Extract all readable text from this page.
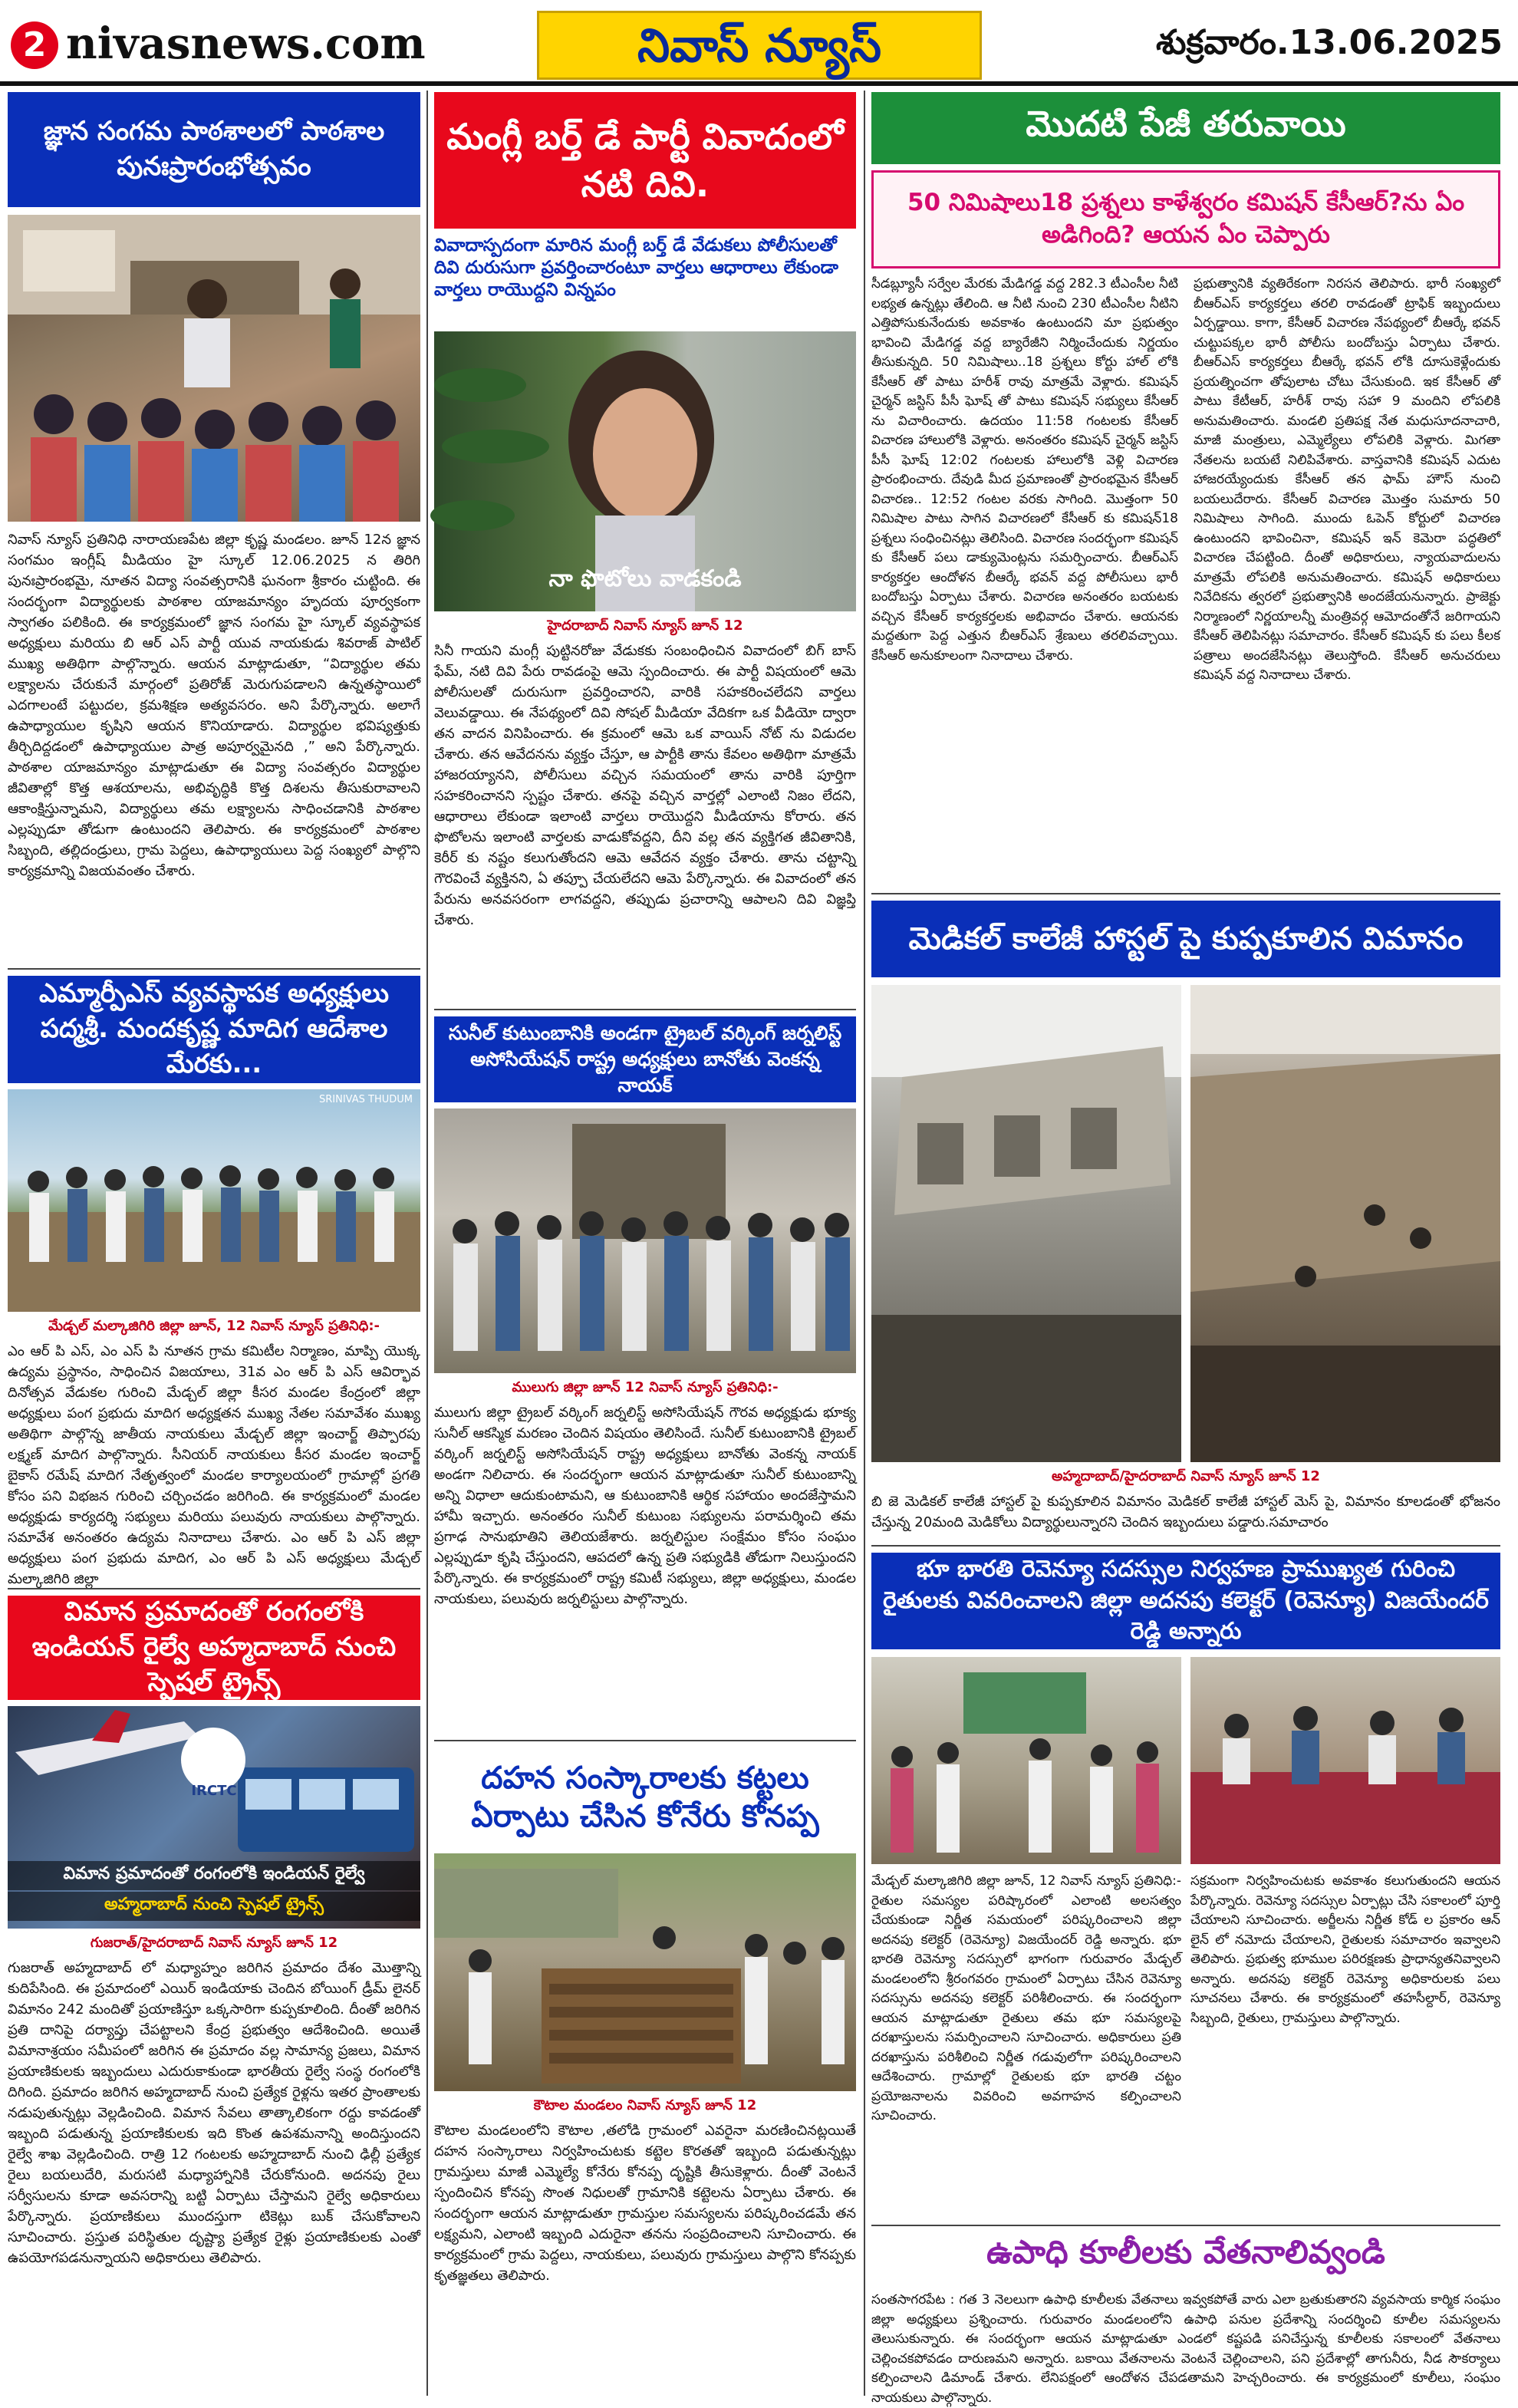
2 nivasnews.com	నివాస్ న్యూస్	శుక్రవారం.13.06.2025
జ్ఞాన సంగమ పాఠశాలలో పాఠశాల పునఃప్రారంభోత్సవం
నివాస్ న్యూస్ ప్రతినిధి నారాయణపేట జిల్లా కృష్ణ మండలం. జూన్ 12న జ్ఞాన సంగమం ఇంగ్లీష్ మీడియం హై స్కూల్ 12.06.2025 న తిరిగి పునఃప్రారంభమై, నూతన విద్యా సంవత్సరానికి ఘనంగా శ్రీకారం చుట్టింది. ఈ సందర్భంగా విద్యార్థులకు పాఠశాల యాజమాన్యం హృదయ పూర్వకంగా స్వాగతం పలికింది. ఈ కార్యక్రమంలో జ్ఞాన సంగమ హై స్కూల్ వ్యవస్థాపక అధ్యక్షులు మరియు బి ఆర్ ఎస్ పార్టీ యువ నాయకుడు శివరాజ్ పాటిల్ ముఖ్య అతిథిగా పాల్గొన్నారు. ఆయన మాట్లాడుతూ, “విద్యార్థుల తమ లక్ష్యాలను చేరుకునే మార్గంలో ప్రతిరోజ్ మెరుగుపడాలని ఉన్నతస్థాయిలో ఎదగాలంటే పట్టుదల, క్రమశిక్షణ అత్యవసరం. అని పేర్కొన్నారు. అలాగే ఉపాధ్యాయుల కృషిని ఆయన కొనియాడారు. విద్యార్థుల భవిష్యత్తుకు తీర్చిదిద్దడంలో ఉపాధ్యాయుల పాత్ర అపూర్వమైనది ,” అని పేర్కొన్నారు. పాఠశాల యాజమాన్యం మాట్లాడుతూ ఈ విద్యా సంవత్సరం విద్యార్థుల జీవితాల్లో కొత్త ఆశయాలను, అభివృద్ధికి కొత్త దిశలను తీసుకురావాలని ఆకాంక్షిస్తున్నామని, విద్యార్థులు తమ లక్ష్యాలను సాధించడానికి పాఠశాల ఎల్లప్పుడూ తోడుగా ఉంటుందని తెలిపారు. ఈ కార్యక్రమంలో పాఠశాల సిబ్బంది, తల్లిదండ్రులు, గ్రామ పెద్దలు, ఉపాధ్యాయులు పెద్ద సంఖ్యలో పాల్గొని కార్యక్రమాన్ని విజయవంతం చేశారు.
ఎమ్మార్పీఎస్ వ్యవస్థాపక అధ్యక్షులు పద్మశ్రీ. మందకృష్ణ మాదిగ ఆదేశాల మేరకు...
SRINIVAS THUDUM
మేడ్చల్ మల్కాజిగిరి జిల్లా జూన్, 12 నివాస్ న్యూస్ ప్రతినిధి:-
ఎం ఆర్ పి ఎస్, ఎం ఎస్ పి నూతన గ్రామ కమిటీల నిర్మాణం, మాప్పి యొక్క ఉద్యమ ప్రస్థానం, సాధించిన విజయాలు, 31వ ఎం ఆర్ పి ఎస్ ఆవిర్భావ దినోత్సవ వేడుకల గురించి మేడ్చల్ జిల్లా కీసర మండల కేంద్రంలో జిల్లా అధ్యక్షులు పంగ ప్రభుదు మాదిగ అధ్యక్షతన ముఖ్య నేతల సమావేశం ముఖ్య అతిథిగా పాల్గొన్న జాతీయ నాయకులు మేడ్చల్ జిల్లా ఇంచార్జ్ తిప్పారపు లక్ష్మణ్ మాదిగ పాల్గొన్నారు. సీనియర్ నాయకులు కీసర మండల ఇంచార్జ్ బైకాస్ రమేష్ మాదిగ నేతృత్వంలో మండల కార్యాలయంలో గ్రామాల్లో ప్రగతి కోసం పని విభజన గురించి చర్చించడం జరిగింది. ఈ కార్యక్రమంలో మండల అధ్యక్షుడు కార్యదర్శి సభ్యులు మరియు పలువురు నాయకులు పాల్గొన్నారు. సమావేశ అనంతరం ఉద్యమ నినాదాలు చేశారు. ఎం ఆర్ పి ఎస్ జిల్లా అధ్యక్షులు పంగ ప్రభుదు మాదిగ, ఎం ఆర్ పి ఎస్ అధ్యక్షులు మేడ్చల్ మల్కాజిగిరి జిల్లా
విమాన ప్రమాదంతో రంగంలోకి ఇండియన్ రైల్వే అహ్మదాబాద్ నుంచి స్పెషల్ ట్రైన్స్
IRCTC
విమాన ప్రమాదంతో రంగంలోకి ఇండియన్ రైల్వే
అహ్మదాబాద్ నుంచి స్పెషల్ ట్రైన్స్
గుజరాత్/హైదరాబాద్ నివాస్ న్యూస్ జూన్ 12
గుజరాత్ అహ్మదాబాద్ లో మధ్యాహ్నం జరిగిన ప్రమాదం దేశం మొత్తాన్ని కుదిపేసింది. ఈ ప్రమాదంలో ఎయిర్ ఇండియాకు చెందిన బోయింగ్ డ్రీమ్ లైనర్ విమానం 242 మందితో ప్రయాణిస్తూ ఒక్కసారిగా కుప్పకూలింది. దీంతో జరిగిన ప్రతి దానిపై దర్యాప్తు చేపట్టాలని కేంద్ర ప్రభుత్వం ఆదేశించింది. అయితే విమానాశ్రయం సమీపంలో జరిగిన ఈ ప్రమాదం వల్ల సామాన్య ప్రజలు, విమాన ప్రయాణికులకు ఇబ్బందులు ఎదురుకాకుండా భారతీయ రైల్వే సంస్థ రంగంలోకి దిగింది. ప్రమాదం జరిగిన అహ్మదాబాద్ నుంచి ప్రత్యేక రైళ్లను ఇతర ప్రాంతాలకు నడుపుతున్నట్లు వెల్లడించింది. విమాన సేవలు తాత్కాలికంగా రద్దు కావడంతో ఇబ్బంది పడుతున్న ప్రయాణికులకు ఇది కొంత ఉపశమనాన్ని అందిస్తుందని రైల్వే శాఖ వెల్లడించింది. రాత్రి 12 గంటలకు అహ్మదాబాద్ నుంచి ఢిల్లీ ప్రత్యేక రైలు బయలుదేరి, మరుసటి మధ్యాహ్నానికి చేరుకోనుంది. అదనపు రైలు సర్వీసులను కూడా అవసరాన్ని బట్టి ఏర్పాటు చేస్తామని రైల్వే అధికారులు పేర్కొన్నారు. ప్రయాణికులు ముందస్తుగా టికెట్లు బుక్ చేసుకోవాలని సూచించారు. ప్రస్తుత పరిస్థితుల దృష్ట్యా ప్రత్యేక రైళ్లు ప్రయాణికులకు ఎంతో ఉపయోగపడనున్నాయని అధికారులు తెలిపారు.
మంగ్లీ బర్త్ డే పార్టీ వివాదంలో నటి దివి.
వివాదాస్పదంగా మారిన మంగ్లీ బర్త్ డే వేడుకలు పోలీసులతో దివి దురుసుగా ప్రవర్తించారంటూ వార్తలు ఆధారాలు లేకుండా వార్తలు రాయొద్దని విన్నపం
నా ఫొటోలు వాడకండి
హైదరాబాద్ నివాస్ న్యూస్ జూన్ 12
సినీ గాయని మంగ్లీ పుట్టినరోజు వేడుకకు సంబంధించిన వివాదంలో బిగ్ బాస్ ఫేమ్, నటి దివి పేరు రావడంపై ఆమె స్పందించారు. ఈ పార్టీ విషయంలో ఆమె పోలీసులతో దురుసుగా ప్రవర్తించారని, వారికి సహకరించలేదని వార్తలు వెలువడ్డాయి. ఈ నేపథ్యంలో దివి సోషల్ మీడియా వేదికగా ఒక వీడియో ద్వారా తన వాదన వినిపించారు. ఈ క్రమంలో ఆమె ఒక వాయిస్ నోట్ ను విడుదల చేశారు. తన ఆవేదనను వ్యక్తం చేస్తూ, ఆ పార్టీకి తాను కేవలం అతిథిగా మాత్రమే హాజరయ్యానని, పోలీసులు వచ్చిన సమయంలో తాను వారికి పూర్తిగా సహకరించానని స్పష్టం చేశారు. తనపై వచ్చిన వార్తల్లో ఎలాంటి నిజం లేదని, ఆధారాలు లేకుండా ఇలాంటి వార్తలు రాయొద్దని మీడియాను కోరారు. తన ఫొటోలను ఇలాంటి వార్తలకు వాడుకోవద్దని, దీని వల్ల తన వ్యక్తిగత జీవితానికి, కెరీర్ కు నష్టం కలుగుతోందని ఆమె ఆవేదన వ్యక్తం చేశారు. తాను చట్టాన్ని గౌరవించే వ్యక్తినని, ఏ తప్పూ చేయలేదని ఆమె పేర్కొన్నారు. ఈ వివాదంలో తన పేరును అనవసరంగా లాగవద్దని, తప్పుడు ప్రచారాన్ని ఆపాలని దివి విజ్ఞప్తి చేశారు.
సునీల్ కుటుంబానికి అండగా ట్రైబల్ వర్కింగ్ జర్నలిస్ట్ అసోసియేషన్ రాష్ట్ర అధ్యక్షులు బానోతు వెంకన్న నాయక్
ములుగు జిల్లా జూన్ 12 నివాస్ న్యూస్ ప్రతినిధి:-
ములుగు జిల్లా ట్రైబల్ వర్కింగ్ జర్నలిస్ట్ అసోసియేషన్ గౌరవ అధ్యక్షుడు భూక్య సునీల్ ఆకస్మిక మరణం చెందిన విషయం తెలిసిందే. సునీల్ కుటుంబానికి ట్రైబల్ వర్కింగ్ జర్నలిస్ట్ అసోసియేషన్ రాష్ట్ర అధ్యక్షులు బానోతు వెంకన్న నాయక్ అండగా నిలిచారు. ఈ సందర్భంగా ఆయన మాట్లాడుతూ సునీల్ కుటుంబాన్ని అన్ని విధాలా ఆదుకుంటామని, ఆ కుటుంబానికి ఆర్థిక సహాయం అందజేస్తామని హామీ ఇచ్చారు. అనంతరం సునీల్ కుటుంబ సభ్యులను పరామర్శించి తమ ప్రగాఢ సానుభూతిని తెలియజేశారు. జర్నలిస్టుల సంక్షేమం కోసం సంఘం ఎల్లప్పుడూ కృషి చేస్తుందని, ఆపదలో ఉన్న ప్రతి సభ్యుడికి తోడుగా నిలుస్తుందని పేర్కొన్నారు. ఈ కార్యక్రమంలో రాష్ట్ర కమిటీ సభ్యులు, జిల్లా అధ్యక్షులు, మండల నాయకులు, పలువురు జర్నలిస్టులు పాల్గొన్నారు.
దహన సంస్కారాలకు కట్టలు ఏర్పాటు చేసిన కోనేరు కోనప్ప
కౌటాల మండలం నివాస్ న్యూస్ జూన్ 12
కౌటాల మండలంలోని కౌటాల ,తలోడి గ్రామంలో ఎవరైనా మరణించినట్లయితే దహన సంస్కారాలు నిర్వహించుటకు కట్టెల కొరతతో ఇబ్బంది పడుతున్నట్లు గ్రామస్తులు మాజీ ఎమ్మెల్యే కోనేరు కోనప్ప దృష్టికి తీసుకెళ్లారు. దీంతో వెంటనే స్పందించిన కోనప్ప సొంత నిధులతో గ్రామానికి కట్టెలను ఏర్పాటు చేశారు. ఈ సందర్భంగా ఆయన మాట్లాడుతూ గ్రామస్తుల సమస్యలను పరిష్కరించడమే తన లక్ష్యమని, ఎలాంటి ఇబ్బంది ఎదురైనా తనను సంప్రదించాలని సూచించారు. ఈ కార్యక్రమంలో గ్రామ పెద్దలు, నాయకులు, పలువురు గ్రామస్తులు పాల్గొని కోనప్పకు కృతజ్ఞతలు తెలిపారు.
మొదటి పేజీ తరువాయి
50 నిమిషాలు18 ప్రశ్నలు కాళేశ్వరం కమిషన్ కేసీఆర్?ను ఏం అడిగింది? ఆయన ఏం చెప్పారు
సీడబ్ల్యూసీ సర్వేల మేరకు మేడిగడ్డ వద్ద 282.3 టీఎంసీల నీటి లభ్యత ఉన్నట్లు తేలింది. ఆ నీటి నుంచి 230 టీఎంసీల నీటిని ఎత్తిపోసుకునేందుకు అవకాశం ఉంటుందని మా ప్రభుత్వం భావించి మేడిగడ్డ వద్ద బ్యారేజీని నిర్మించేందుకు నిర్ణయం తీసుకున్నది. 50 నిమిషాలు..18 ప్రశ్నలు కోర్టు హాల్ లోకి కేసీఆర్ తో పాటు హరీశ్ రావు మాత్రమే వెళ్లారు. కమిషన్ చైర్మన్ జస్టిస్ పీసీ ఘోష్ తో పాటు కమిషన్ సభ్యులు కేసీఆర్ ను విచారించారు. ఉదయం 11:58 గంటలకు కేసీఆర్ విచారణ హాలులోకి వెళ్లారు. అనంతరం కమిషన్ చైర్మన్ జస్టిస్ పీసీ ఘోష్ 12:02 గంటలకు హాలులోకి వెళ్లి విచారణ ప్రారంభించారు. దేవుడి మీద ప్రమాణంతో ప్రారంభమైన కేసీఆర్ విచారణ.. 12:52 గంటల వరకు సాగింది. మొత్తంగా 50 నిమిషాల పాటు సాగిన విచారణలో కేసీఆర్ కు కమిషన్18 ప్రశ్నలు సంధించినట్లు తెలిసింది. విచారణ సందర్భంగా కమిషన్ కు కేసీఆర్ పలు డాక్యుమెంట్లను సమర్పించారు. బీఆర్ఎస్ కార్యకర్తల ఆందోళన బీఆర్కే భవన్ వద్ద పోలీసులు భారీ బందోబస్తు ఏర్పాటు చేశారు. విచారణ అనంతరం బయటకు వచ్చిన కేసీఆర్ కార్యకర్తలకు అభివాదం చేశారు. ఆయనకు మద్దతుగా పెద్ద ఎత్తున బీఆర్ఎస్ శ్రేణులు తరలివచ్చాయి. కేసీఆర్ అనుకూలంగా నినాదాలు చేశారు.
ప్రభుత్వానికి వ్యతిరేకంగా నిరసన తెలిపారు. భారీ సంఖ్యలో బీఆర్ఎస్ కార్యకర్తలు తరలి రావడంతో ట్రాఫిక్ ఇబ్బందులు ఏర్పడ్డాయి. కాగా, కేసీఆర్ విచారణ నేపథ్యంలో బీఆర్కే భవన్ చుట్టుపక్కల భారీ పోలీసు బందోబస్తు ఏర్పాటు చేశారు. బీఆర్ఎస్ కార్యకర్తలు బీఆర్కే భవన్ లోకి దూసుకెళ్లేందుకు ప్రయత్నించగా తోపులాట చోటు చేసుకుంది. ఇక కేసీఆర్ తో పాటు కేటీఆర్, హరీశ్ రావు సహా 9 మందిని లోపలికి అనుమతించారు. మండలి ప్రతిపక్ష నేత మధుసూదనాచారి, మాజీ మంత్రులు, ఎమ్మెల్యేలు లోపలికి వెళ్లారు. మిగతా నేతలను బయటే నిలిపివేశారు. వాస్తవానికి కమిషన్ ఎదుట హాజరయ్యేందుకు కేసీఆర్ తన ఫామ్ హౌస్ నుంచి బయలుదేరారు. కేసీఆర్ విచారణ మొత్తం సుమారు 50 నిమిషాలు సాగింది. ముందు ఓపెన్ కోర్టులో విచారణ ఉంటుందని భావించినా, కమిషన్ ఇన్ కెమెరా పద్ధతిలో విచారణ చేపట్టింది. దీంతో అధికారులు, న్యాయవాదులను మాత్రమే లోపలికి అనుమతించారు. కమిషన్ అధికారులు నివేదికను త్వరలో ప్రభుత్వానికి అందజేయనున్నారు. ప్రాజెక్టు నిర్మాణంలో నిర్ణయాలన్నీ మంత్రివర్గ ఆమోదంతోనే జరిగాయని కేసీఆర్ తెలిపినట్లు సమాచారం. కేసీఆర్ కమిషన్ కు పలు కీలక పత్రాలు అందజేసినట్లు తెలుస్తోంది. కేసీఆర్ అనుచరులు కమిషన్ వద్ద నినాదాలు చేశారు.
మెడికల్ కాలేజీ హాస్టల్ పై కుప్పకూలిన విమానం
అహ్మదాబాద్/హైదరాబాద్ నివాస్ న్యూస్ జూన్ 12
బి జె మెడికల్ కాలేజీ హాస్టల్ పై కుప్పకూలిన విమానం మెడికల్ కాలేజీ హాస్టల్ మెస్ పై, విమానం కూలడంతో భోజనం చేస్తున్న 20మంది మెడికోలు విద్యార్థులున్నారని చెందిన ఇబ్బందులు పడ్డారు.సమాచారం
భూ భారతి రెవెన్యూ సదస్సుల నిర్వహణ ప్రాముఖ్యత గురించి రైతులకు వివరించాలని జిల్లా అదనపు కలెక్టర్ (రెవెన్యూ) విజయేందర్ రెడ్డి అన్నారు
మేడ్చల్ మల్కాజిగిరి జిల్లా జూన్, 12 నివాస్ న్యూస్ ప్రతినిధి:-రైతుల సమస్యల పరిష్కారంలో ఎలాంటి అలసత్వం చేయకుండా నిర్ణీత సమయంలో పరిష్కరించాలని జిల్లా అదనపు కలెక్టర్ (రెవెన్యూ) విజయేందర్ రెడ్డి అన్నారు. భూ భారతి రెవెన్యూ సదస్సులో భాగంగా గురువారం మేడ్చల్ మండలంలోని శ్రీరంగవరం గ్రామంలో ఏర్పాటు చేసిన రెవెన్యూ సదస్సును అదనపు కలెక్టర్ పరిశీలించారు. ఈ సందర్భంగా ఆయన మాట్లాడుతూ రైతులు తమ భూ సమస్యలపై దరఖాస్తులను సమర్పించాలని సూచించారు. అధికారులు ప్రతి దరఖాస్తును పరిశీలించి నిర్ణీత గడువులోగా పరిష్కరించాలని ఆదేశించారు. గ్రామాల్లో రైతులకు భూ భారతి చట్టం ప్రయోజనాలను వివరించి అవగాహన కల్పించాలని సూచించారు.
సక్రమంగా నిర్వహించుటకు అవకాశం కలుగుతుందని ఆయన పేర్కొన్నారు. రెవెన్యూ సదస్సుల ఏర్పాట్లు చేసి సకాలంలో పూర్తి చేయాలని సూచించారు. అర్జీలను నిర్ణీత కోడ్ ల ప్రకారం ఆన్ లైన్ లో నమోదు చేయాలని, రైతులకు సమాచారం ఇవ్వాలని తెలిపారు. ప్రభుత్వ భూముల పరిరక్షణకు ప్రాధాన్యతనివ్వాలని అన్నారు. అదనపు కలెక్టర్ రెవెన్యూ అధికారులకు పలు సూచనలు చేశారు. ఈ కార్యక్రమంలో తహసీల్దార్, రెవెన్యూ సిబ్బంది, రైతులు, గ్రామస్తులు పాల్గొన్నారు.
ఉపాధి కూలీలకు వేతనాలివ్వండి
సంతసాగరపేట : గత 3 నెలలుగా ఉపాధి కూలీలకు వేతనాలు ఇవ్వకపోతే వారు ఎలా బ్రతుకుతారని వ్యవసాయ కార్మిక సంఘం జిల్లా అధ్యక్షులు ప్రశ్నించారు. గురువారం మండలంలోని ఉపాధి పనుల ప్రదేశాన్ని సందర్శించి కూలీల సమస్యలను తెలుసుకున్నారు. ఈ సందర్భంగా ఆయన మాట్లాడుతూ ఎండలో కష్టపడి పనిచేస్తున్న కూలీలకు సకాలంలో వేతనాలు చెల్లించకపోవడం దారుణమని అన్నారు. బకాయి వేతనాలను వెంటనే చెల్లించాలని, పని ప్రదేశాల్లో తాగునీరు, నీడ సౌకర్యాలు కల్పించాలని డిమాండ్ చేశారు. లేనిపక్షంలో ఆందోళన చేపడతామని హెచ్చరించారు. ఈ కార్యక్రమంలో కూలీలు, సంఘం నాయకులు పాల్గొన్నారు.
